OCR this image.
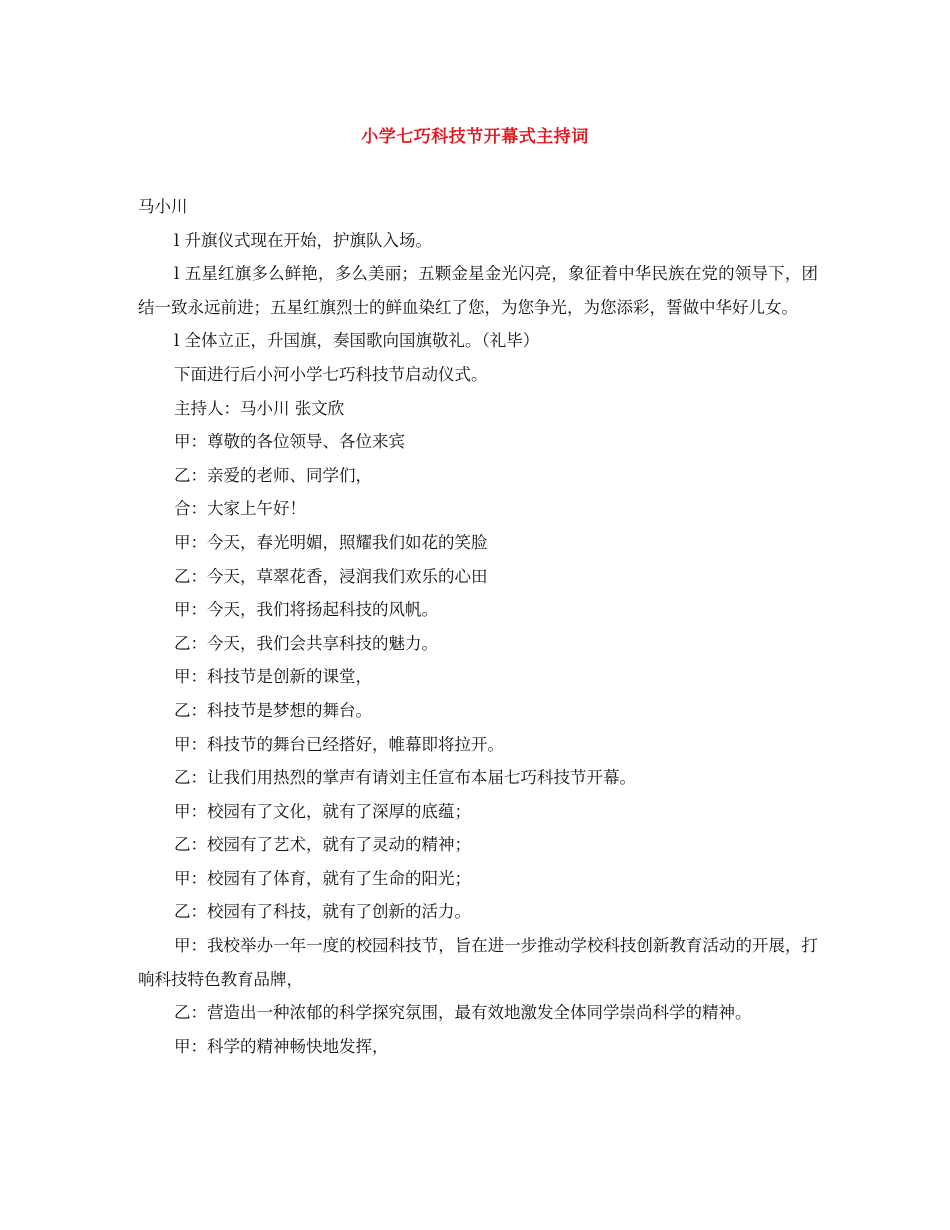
小学七巧科技节开幕式主持词

马小川

l 升旗仪式现在开始，护旗队入场。

l 五星红旗多么鲜艳，多么美丽；五颗金星金光闪亮，象征着中华民族在党的领导下，团结一致永远前进；五星红旗烈士的鲜血染红了您，为您争光，为您添彩，誓做中华好儿女。

l 全体立正，升国旗，奏国歌向国旗敬礼。（礼毕）

下面进行后小河小学七巧科技节启动仪式。

主持人：马小川 张文欣

甲：尊敬的各位领导、各位来宾

乙：亲爱的老师、同学们，

合：大家上午好！

甲：今天，春光明媚，照耀我们如花的笑脸

乙：今天，草翠花香，浸润我们欢乐的心田

甲：今天，我们将扬起科技的风帆。

乙：今天，我们会共享科技的魅力。

甲：科技节是创新的课堂，

乙：科技节是梦想的舞台。

甲：科技节的舞台已经搭好，帷幕即将拉开。

乙：让我们用热烈的掌声有请刘主任宣布本届七巧科技节开幕。

甲：校园有了文化，就有了深厚的底蕴；

乙：校园有了艺术，就有了灵动的精神；

甲：校园有了体育，就有了生命的阳光；

乙：校园有了科技，就有了创新的活力。

甲：我校举办一年一度的校园科技节，旨在进一步推动学校科技创新教育活动的开展，打响科技特色教育品牌，

乙：营造出一种浓郁的科学探究氛围，最有效地激发全体同学崇尚科学的精神。

甲：科学的精神畅快地发挥，
